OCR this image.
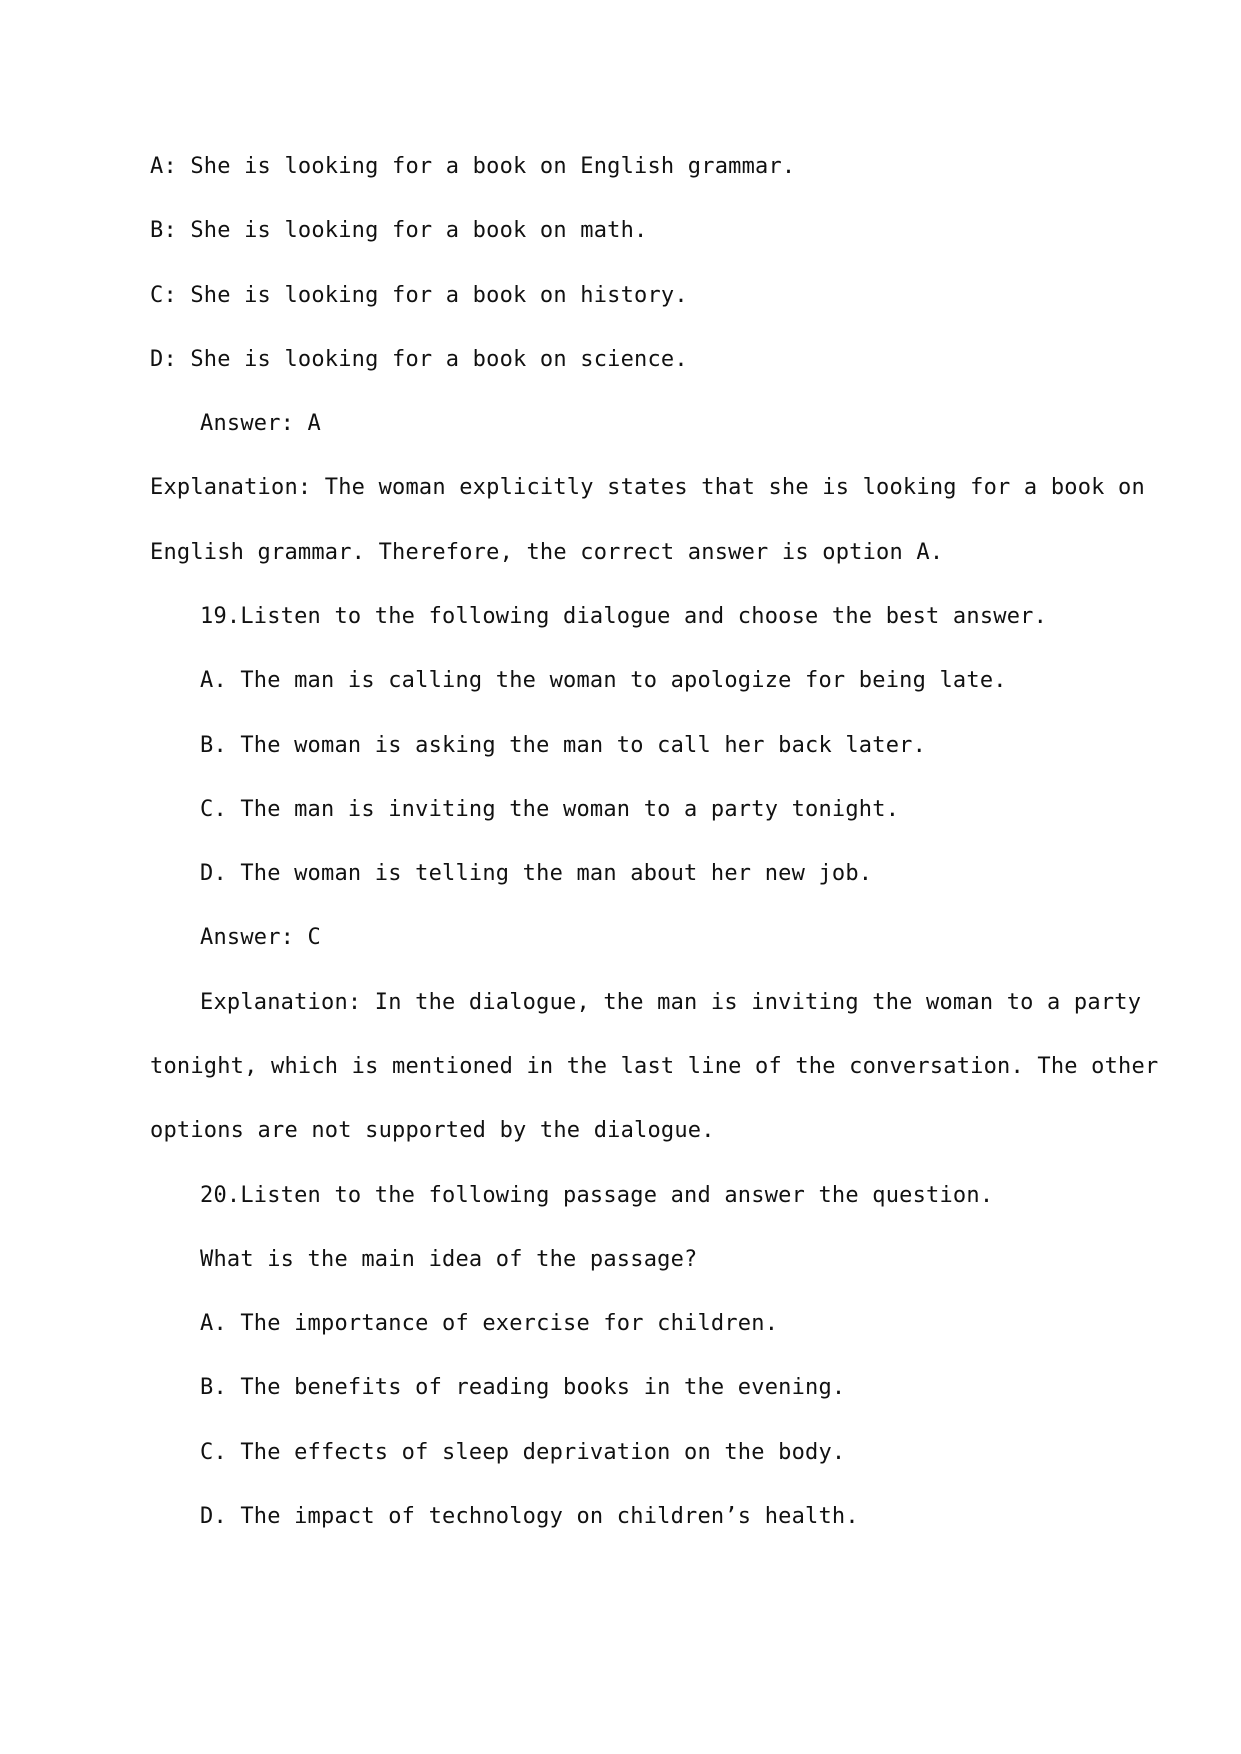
A: She is looking for a book on English grammar.

B: She is looking for a book on math.

C: She is looking for a book on history.

D: She is looking for a book on science.

Answer: A

Explanation: The woman explicitly states that she is looking for a book on

English grammar. Therefore, the correct answer is option A.

19.Listen to the following dialogue and choose the best answer.

A. The man is calling the woman to apologize for being late.

B. The woman is asking the man to call her back later.

C. The man is inviting the woman to a party tonight.

D. The woman is telling the man about her new job.

Answer: C

Explanation: In the dialogue, the man is inviting the woman to a party

tonight, which is mentioned in the last line of the conversation. The other

options are not supported by the dialogue.

20.Listen to the following passage and answer the question.

What is the main idea of the passage?

A. The importance of exercise for children.

B. The benefits of reading books in the evening.

C. The effects of sleep deprivation on the body.

D. The impact of technology on children’s health.
